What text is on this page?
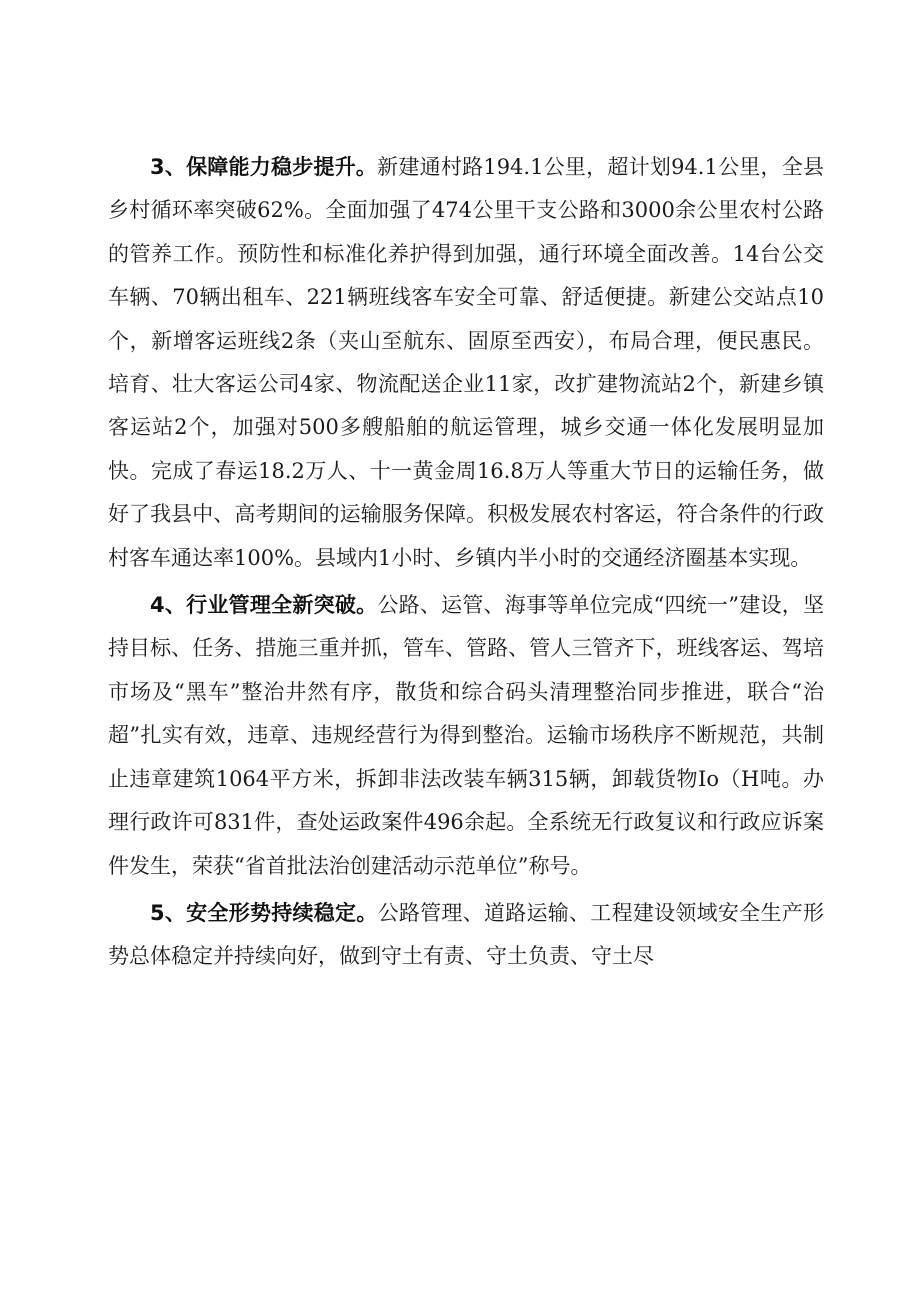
3、保障能力稳步提升。新建通村路194.1公里，超计划94.1公里，全县乡村循环率突破62%。全面加强了474公里干支公路和3000余公里农村公路的管养工作。预防性和标准化养护得到加强，通行环境全面改善。14台公交车辆、70辆出租车、221辆班线客车安全可靠、舒适便捷。新建公交站点10个，新增客运班线2条（夹山至航东、固原至西安），布局合理，便民惠民。培育、壮大客运公司4家、物流配送企业11家，改扩建物流站2个，新建乡镇客运站2个，加强对500多艘船舶的航运管理，城乡交通一体化发展明显加快。完成了春运18.2万人、十一黄金周16.8万人等重大节日的运输任务，做好了我县中、高考期间的运输服务保障。积极发展农村客运，符合条件的行政村客车通达率100%。县域内1小时、乡镇内半小时的交通经济圈基本实现。

4、行业管理全新突破。公路、运管、海事等单位完成“四统一”建设，坚持目标、任务、措施三重并抓，管车、管路、管人三管齐下，班线客运、驾培市场及“黑车”整治井然有序，散货和综合码头清理整治同步推进，联合“治超”扎实有效，违章、违规经营行为得到整治。运输市场秩序不断规范，共制止违章建筑1064平方米，拆卸非法改装车辆315辆，卸载货物Io（H吨。办理行政许可831件，查处运政案件496余起。全系统无行政复议和行政应诉案件发生，荣获“省首批法治创建活动示范单位”称号。

5、安全形势持续稳定。公路管理、道路运输、工程建设领域安全生产形势总体稳定并持续向好，做到守土有责、守土负责、守土尽
